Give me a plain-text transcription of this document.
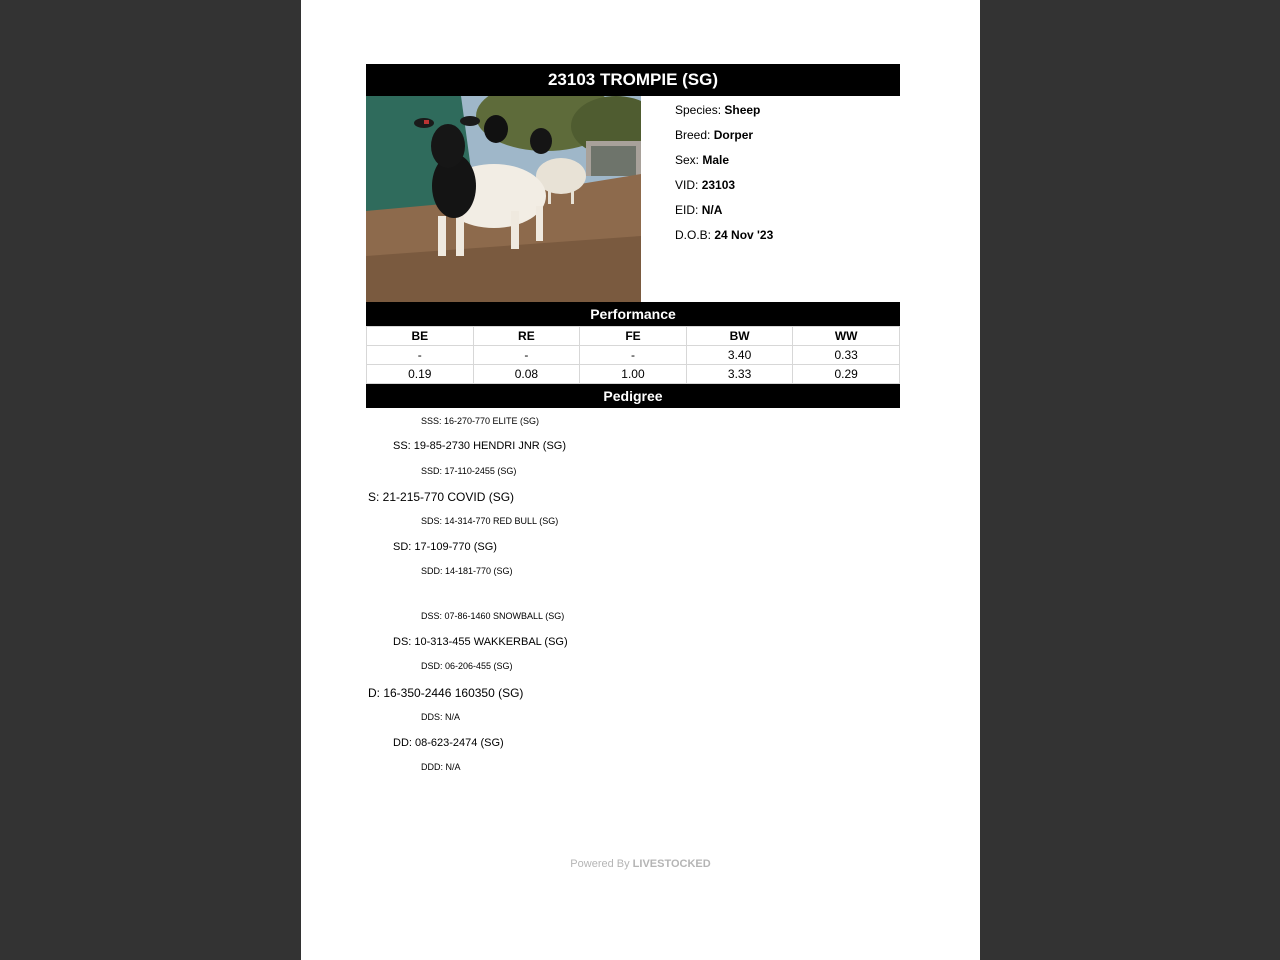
23103 TROMPIE (SG)
Species: Sheep
Breed: Dorper
Sex: Male
VID: 23103
EID: N/A
D.O.B: 24 Nov '23
Performance
BE	RE	FE	BW	WW
-	-	-	3.40	0.33
0.19	0.08	1.00	3.33	0.29
Pedigree
SSS: 16-270-770 ELITE (SG)
SS: 19-85-2730 HENDRI JNR (SG)
SSD: 17-110-2455 (SG)
S: 21-215-770 COVID (SG)
SDS: 14-314-770 RED BULL (SG)
SD: 17-109-770 (SG)
SDD: 14-181-770 (SG)
DSS: 07-86-1460 SNOWBALL (SG)
DS: 10-313-455 WAKKERBAL (SG)
DSD: 06-206-455 (SG)
D: 16-350-2446 160350 (SG)
DDS: N/A
DD: 08-623-2474 (SG)
DDD: N/A
Powered By LIVESTOCKED
